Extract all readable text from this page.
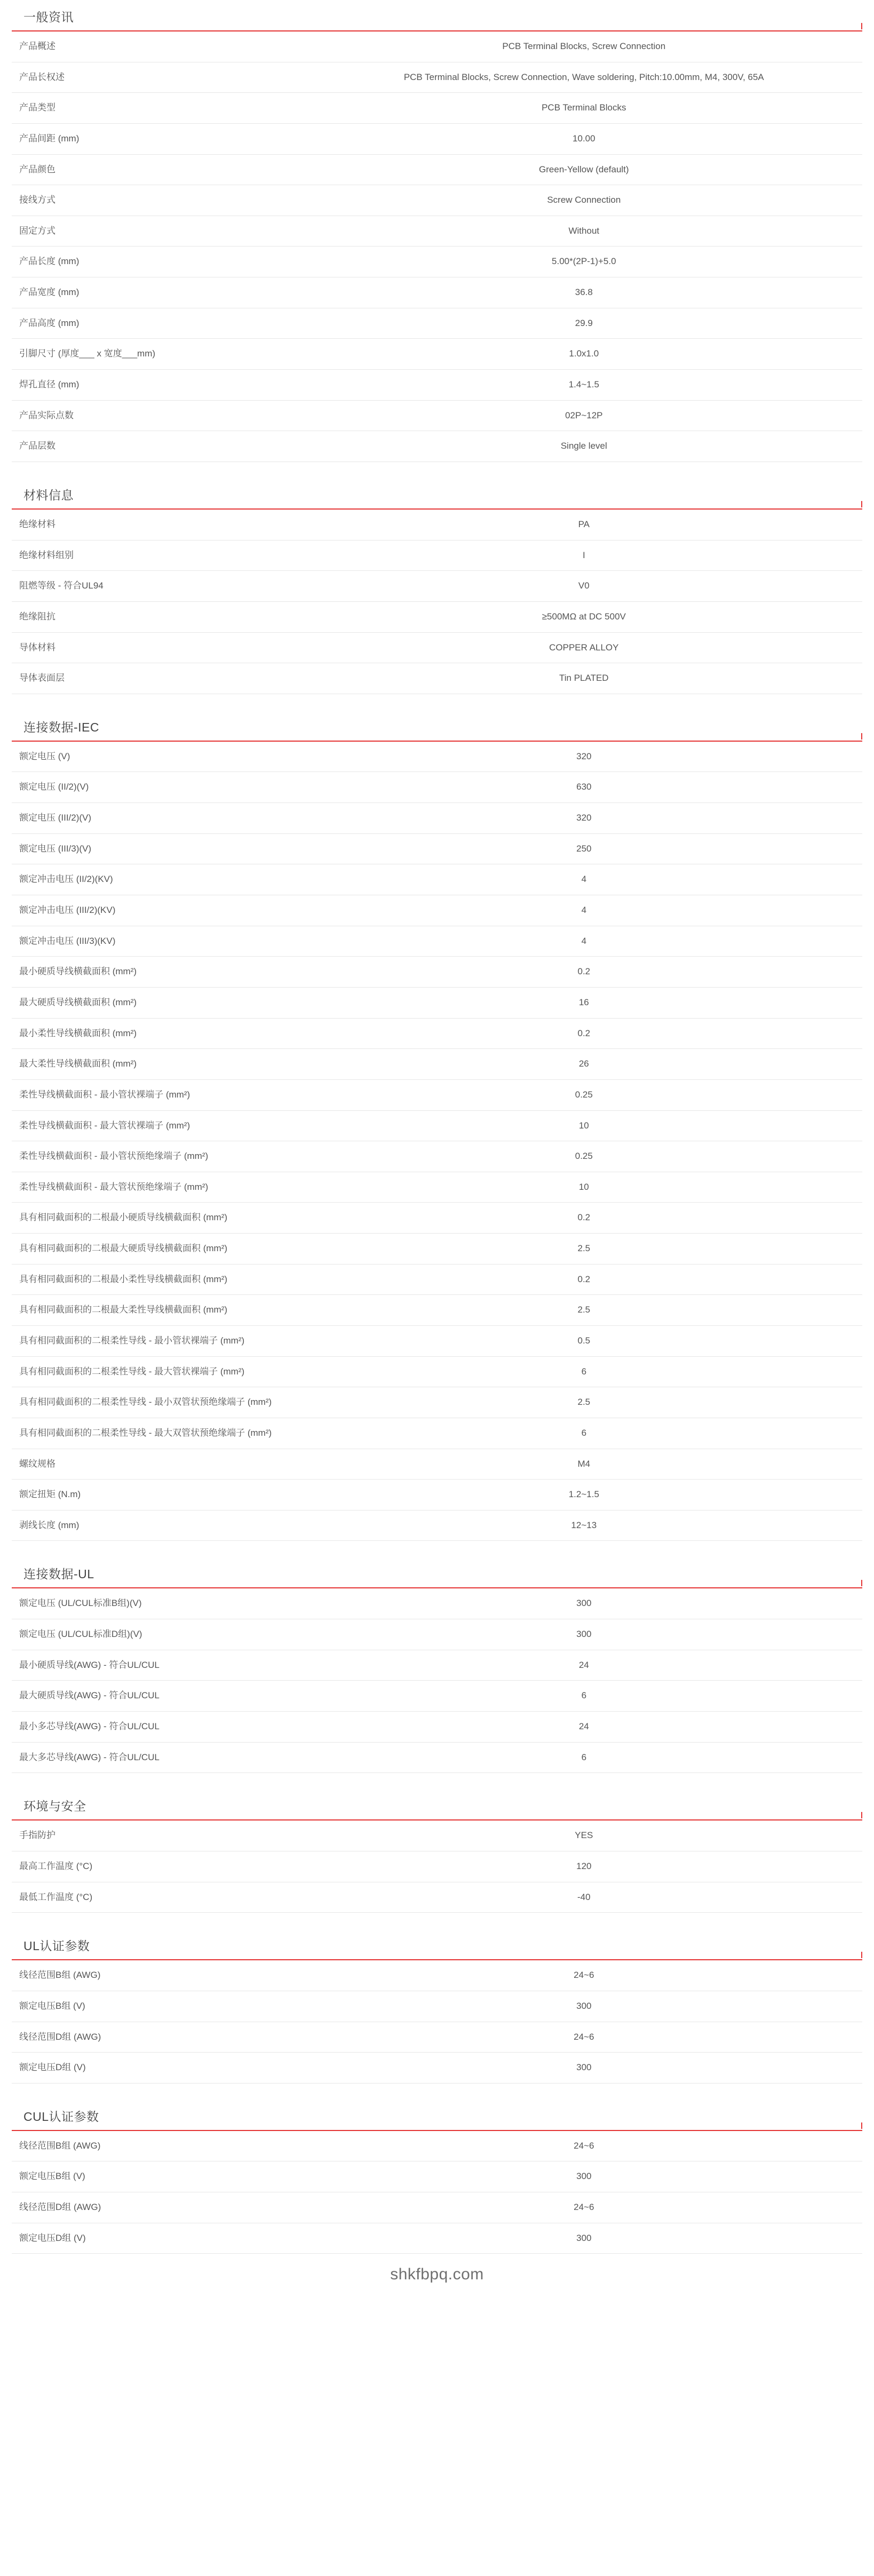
一般资讯
产品概述	PCB Terminal Blocks, Screw Connection
产品长权述	PCB Terminal Blocks, Screw Connection, Wave soldering, Pitch:10.00mm, M4, 300V, 65A
产品类型	PCB Terminal Blocks
产品间距 (mm)	10.00
产品颜色	Green-Yellow (default)
接线方式	Screw Connection
固定方式	Without
产品长度 (mm)	5.00*(2P-1)+5.0
产品宽度 (mm)	36.8
产品高度 (mm)	29.9
引脚尺寸 (厚度___ x 宽度___mm)	1.0x1.0
焊孔直径 (mm)	1.4~1.5
产品实际点数	02P~12P
产品层数	Single level
材料信息
绝缘材料	PA
绝缘材料组别	I
阻燃等级 - 符合UL94	V0
绝缘阻抗	≥500MΩ at DC 500V
导体材料	COPPER ALLOY
导体表面层	Tin PLATED
连接数据-IEC
额定电压 (V)	320
额定电压 (II/2)(V)	630
额定电压 (III/2)(V)	320
额定电压 (III/3)(V)	250
额定冲击电压 (II/2)(KV)	4
额定冲击电压 (III/2)(KV)	4
额定冲击电压 (III/3)(KV)	4
最小硬质导线横截面积 (mm²)	0.2
最大硬质导线横截面积 (mm²)	16
最小柔性导线横截面积 (mm²)	0.2
最大柔性导线横截面积 (mm²)	26
柔性导线横截面积 - 最小管状裸端子 (mm²)	0.25
柔性导线横截面积 - 最大管状裸端子 (mm²)	10
柔性导线横截面积 - 最小管状预绝缘端子 (mm²)	0.25
柔性导线横截面积 - 最大管状预绝缘端子 (mm²)	10
具有相同截面积的二根最小硬质导线横截面积 (mm²)	0.2
具有相同截面积的二根最大硬质导线横截面积 (mm²)	2.5
具有相同截面积的二根最小柔性导线横截面积 (mm²)	0.2
具有相同截面积的二根最大柔性导线横截面积 (mm²)	2.5
具有相同截面积的二根柔性导线 - 最小管状裸端子 (mm²)	0.5
具有相同截面积的二根柔性导线 - 最大管状裸端子 (mm²)	6
具有相同截面积的二根柔性导线 - 最小双管状预绝缘端子 (mm²)	2.5
具有相同截面积的二根柔性导线 - 最大双管状预绝缘端子 (mm²)	6
螺纹规格	M4
额定扭矩 (N.m)	1.2~1.5
剥线长度 (mm)	12~13
连接数据-UL
额定电压 (UL/CUL标准B组)(V)	300
额定电压 (UL/CUL标准D组)(V)	300
最小硬质导线(AWG) - 符合UL/CUL	24
最大硬质导线(AWG) - 符合UL/CUL	6
最小多芯导线(AWG) - 符合UL/CUL	24
最大多芯导线(AWG) - 符合UL/CUL	6
环境与安全
手指防护	YES
最高工作温度 (°C)	120
最低工作温度 (°C)	-40
UL认证参数
线径范围B组 (AWG)	24~6
额定电压B组 (V)	300
线径范围D组 (AWG)	24~6
额定电压D组 (V)	300
CUL认证参数
线径范围B组 (AWG)	24~6
额定电压B组 (V)	300
线径范围D组 (AWG)	24~6
额定电压D组 (V)	300
shkfbpq.com
